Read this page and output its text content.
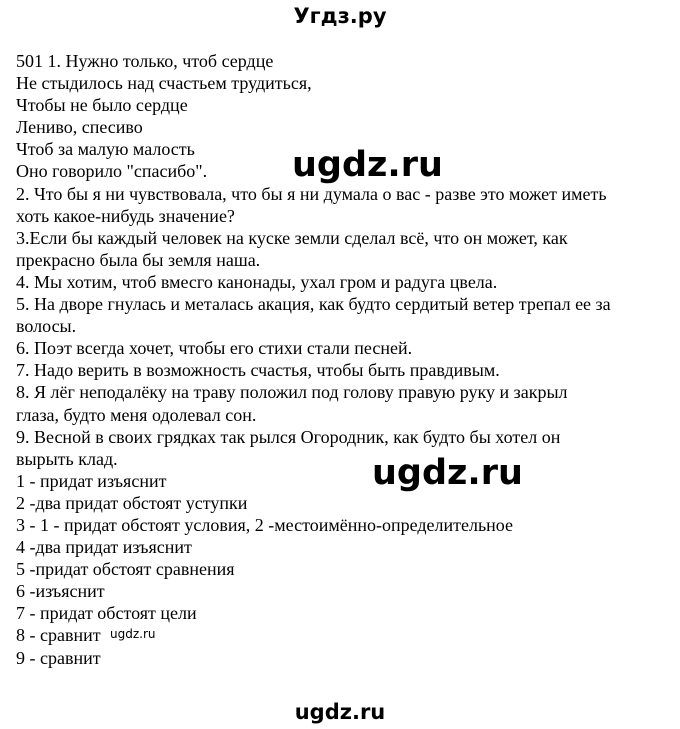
Угдз.ру
501 1. Нужно только, чтоб сердце
Не стыдилось над счастьем трудиться,
Чтобы не было сердце
Лениво, спесиво
Чтоб за малую малость
Оно говорило "спасибо".
2. Что бы я ни чувствовала, что бы я ни думала о вас - разве это может иметь
хоть какое-нибудь значение?
3.Если бы каждый человек на куске земли сделал всё, что он может, как
прекрасно была бы земля наша.
4. Мы хотим, чтоб вмесго канонады, ухал гром и радуга цвела.
5. На дворе гнулась и металась акация, как будто сердитый ветер трепал ее за
волосы.
6. Поэт всегда хочет, чтобы его стихи стали песней.
7. Надо верить в возможность счастья, чтобы быть правдивым.
8. Я лёг неподалёку на траву положил под голову правую руку и закрыл
глаза, будто меня одолевал сон.
9. Весной в своих грядках так рылся Огородник, как будто бы хотел он
вырыть клад.
1 - придат изъяснит
2 -два придат обстоят уступки
3 - 1 - придат обстоят условия, 2 -местоимённо-определительное
4 -два придат изъяснит
5 -придат обстоят сравнения
6 -изъяснит
7 - придат обстоят цели
8 - сравнит
9 - сравнит
ugdz.ru
ugdz.ru
ugdz.ru
ugdz.ru
